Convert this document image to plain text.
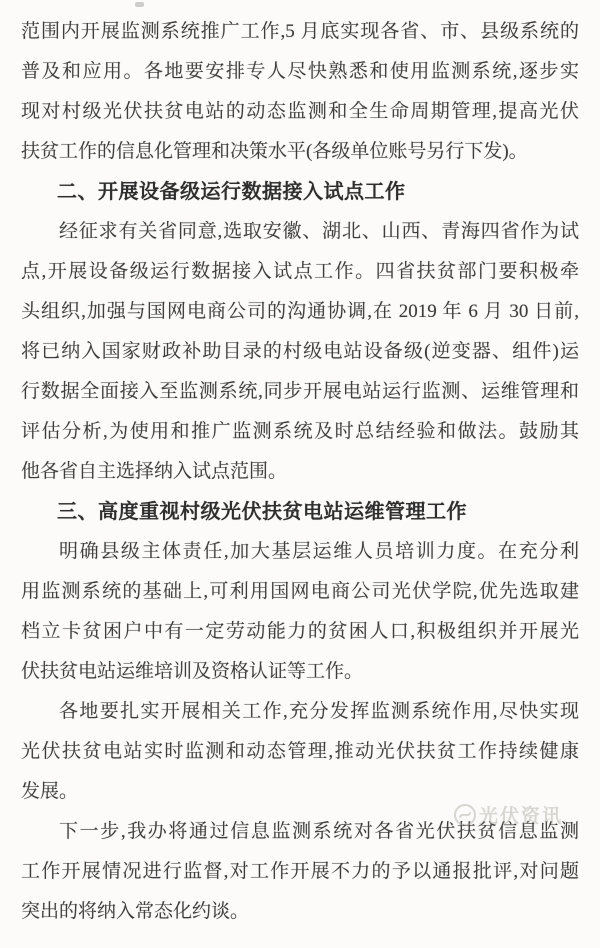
范围内开展监测系统推广工作,5 月底实现各省、市、县级系统的
普及和应用。各地要安排专人尽快熟悉和使用监测系统,逐步实
现对村级光伏扶贫电站的动态监测和全生命周期管理,提高光伏
扶贫工作的信息化管理和决策水平(各级单位账号另行下发)。
二、开展设备级运行数据接入试点工作
经征求有关省同意,选取安徽、湖北、山西、青海四省作为试
点,开展设备级运行数据接入试点工作。四省扶贫部门要积极牵
头组织,加强与国网电商公司的沟通协调,在 2019 年 6 月 30 日前,
将已纳入国家财政补助目录的村级电站设备级(逆变器、组件)运
行数据全面接入至监测系统,同步开展电站运行监测、运维管理和
评估分析,为使用和推广监测系统及时总结经验和做法。鼓励其
他各省自主选择纳入试点范围。
三、高度重视村级光伏扶贫电站运维管理工作
明确县级主体责任,加大基层运维人员培训力度。在充分利
用监测系统的基础上,可利用国网电商公司光伏学院,优先选取建
档立卡贫困户中有一定劳动能力的贫困人口,积极组织并开展光
伏扶贫电站运维培训及资格认证等工作。
各地要扎实开展相关工作,充分发挥监测系统作用,尽快实现
光伏扶贫电站实时监测和动态管理,推动光伏扶贫工作持续健康
发展。
下一步,我办将通过信息监测系统对各省光伏扶贫信息监测
工作开展情况进行监督,对工作开展不力的予以通报批评,对问题
突出的将纳入常态化约谈。
光伏资讯
